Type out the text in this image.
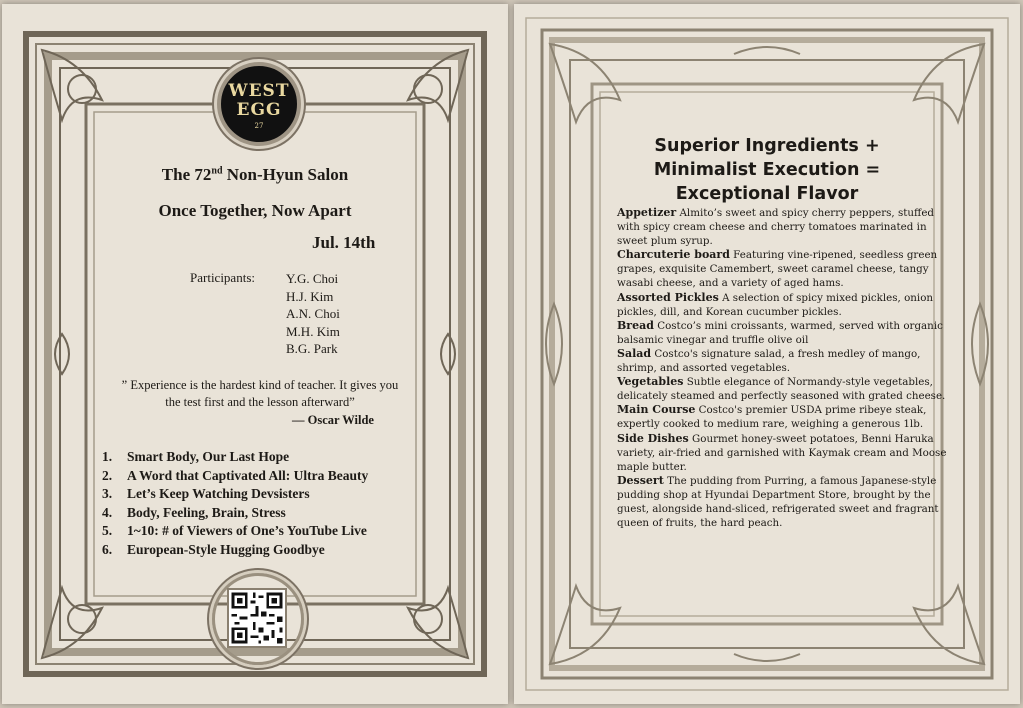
WEST
EGG
27
The 72nd Non-Hyun Salon
Once Together, Now Apart
Jul. 14th
Participants: Y.G. Choi
H.J. Kim
A.N. Choi
M.H. Kim
B.G. Park
” Experience is the hardest kind of teacher. It gives you the test first and the lesson afterward”
— Oscar Wilde
1. Smart Body, Our Last Hope
2. A Word that Captivated All: Ultra Beauty
3. Let’s Keep Watching Devsisters
4. Body, Feeling, Brain, Stress
5. 1~10: # of Viewers of One’s YouTube Live
6. European-Style Hugging Goodbye
Superior Ingredients +
Minimalist Execution =
Exceptional Flavor

Appetizer Almito’s sweet and spicy cherry peppers, stuffed with spicy cream cheese and cherry tomatoes marinated in sweet plum syrup.

Charcuterie board Featuring vine-ripened, seedless green grapes, exquisite Camembert, sweet caramel cheese, tangy wasabi cheese, and a variety of aged hams.

Assorted Pickles A selection of spicy mixed pickles, onion pickles, dill, and Korean cucumber pickles.

Bread Costco’s mini croissants, warmed, served with organic balsamic vinegar and truffle olive oil

Salad Costco's signature salad, a fresh medley of mango, shrimp, and assorted vegetables.

Vegetables Subtle elegance of Normandy-style vegetables, delicately steamed and perfectly seasoned with grated cheese.

Main Course Costco's premier USDA prime ribeye steak, expertly cooked to medium rare, weighing a generous 1lb.

Side Dishes Gourmet honey-sweet potatoes, Benni Haruka variety, air-fried and garnished with Kaymak cream and Moose maple butter.

Dessert The pudding from Purring, a famous Japanese-style pudding shop at Hyundai Department Store, brought by the guest, alongside hand-sliced, refrigerated sweet and fragrant queen of fruits, the hard peach.
